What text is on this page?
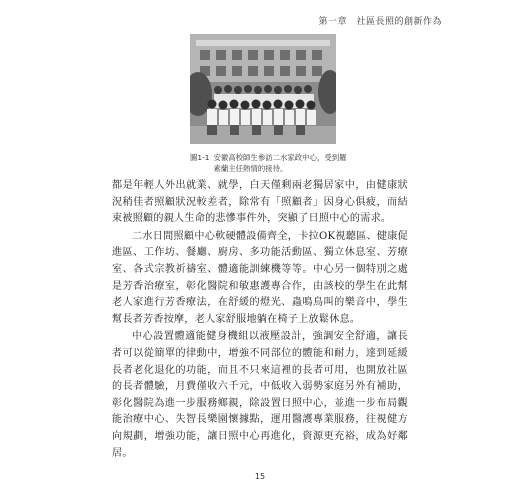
第一章　社區長照的創新作為
圖1-1 安徽高校師生參訪二水家政中心，受到羅素蘭主任熱情的接待。

都是年輕人外出就業、就學，白天僅剩兩老獨居家中，由健康狀況稍佳者照顧狀況較差者，除常有「照顧者」因身心俱疲，而結束被照顧的親人生命的悲慘事件外，突顯了日照中心的需求。

二水日間照顧中心軟硬體設備齊全，卡拉OK視聽區、健康促進區、工作坊、餐廳、廚房、多功能活動區、獨立休息室、芳療室、各式宗教祈禱室、體適能訓練機等等。中心另一個特別之處是芳香治療室，彰化醫院和敏惠護專合作，由該校的學生在此幫老人家進行芳香療法，在舒緩的燈光、蟲鳴鳥叫的樂音中，學生幫長者芳香按摩，老人家舒服地躺在椅子上放鬆休息。

中心設置體適能健身機組以液壓設計，強調安全舒適，讓長者可以從簡單的律動中，增強不同部位的體能和耐力，達到延緩長者老化退化的功能，而且不只來這裡的長者可用，也開放社區的長者體驗，月費僅收六千元，中低收入弱勢家庭另外有補助，彰化醫院為進一步服務鄉親，除設置日照中心，並進一步布局觀能治療中心、失智長樂園懷據點，運用醫護專業服務，往視健方向規劃，增強功能，讓日照中心再進化，資源更充裕，成為好鄰居。

15
